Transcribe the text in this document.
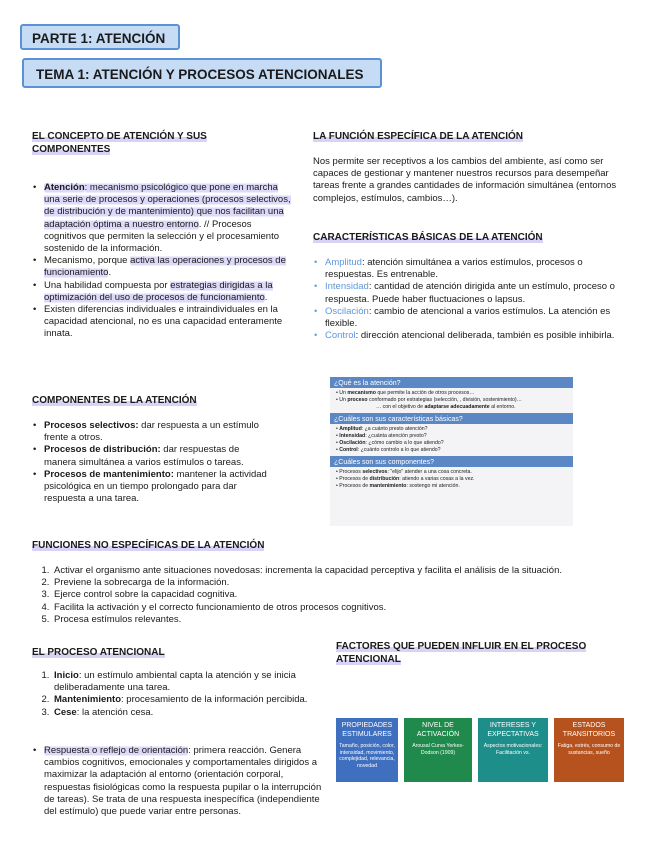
PARTE 1: ATENCIÓN
TEMA 1: ATENCIÓN Y PROCESOS ATENCIONALES
EL CONCEPTO DE ATENCIÓN Y SUS
COMPONENTES
• Atención: mecanismo psicológico que pone en marcha una serie de procesos y operaciones (procesos selectivos, de distribución y de mantenimiento) que nos facilitan una adaptación óptima a nuestro entorno. // Procesos cognitivos que permiten la selección y el procesamiento sostenido de la información.
• Mecanismo, porque activa las operaciones y procesos de funcionamiento.
• Una habilidad compuesta por estrategias dirigidas a la optimización del uso de procesos de funcionamiento.
• Existen diferencias individuales e intraindividuales en la capacidad atencional, no es una capacidad enteramente innata.
LA FUNCIÓN ESPECÍFICA DE LA ATENCIÓN
Nos permite ser receptivos a los cambios del ambiente, así como ser capaces de gestionar y mantener nuestros recursos para desempeñar tareas frente a grandes cantidades de información simultánea (entornos complejos, estímulos, cambios…).
CARACTERÍSTICAS BÁSICAS DE LA ATENCIÓN
• Amplitud: atención simultánea a varios estímulos, procesos o respuestas. Es entrenable.
• Intensidad: cantidad de atención dirigida ante un estímulo, proceso o respuesta. Puede haber fluctuaciones o lapsus.
• Oscilación: cambio de atencional a varios estímulos. La atención es flexible.
• Control: dirección atencional deliberada, también es posible inhibirla.
COMPONENTES DE LA ATENCIÓN
• Procesos selectivos: dar respuesta a un estímulo frente a otros.
• Procesos de distribución: dar respuestas de manera simultánea a varios estímulos o tareas.
• Procesos de mantenimiento: mantener la actividad psicológica en un tiempo prolongado para dar respuesta a una tarea.
¿Qué es la atención?
• Un mecanismo que permite la acción de otros procesos…
• Un proceso conformado por estrategias (selección, , división, sostenimiento)…
… con el objetivo de adaptarse adecuadamente al entorno.
¿Cuáles son sus características básicas?
• Amplitud: ¿a cuánto presto atención?
• Intensidad: ¿cuánta atención presto?
• Oscilación: ¿cómo cambio a lo que atiendo?
• Control: ¿cuánto controlo a lo que atiendo?
¿Cuáles son sus componentes?
• Procesos selectivos: "elijo" atender a una cosa concreta.
• Procesos de distribución: atiendo a varias cosas a la vez.
• Procesos de mantenimiento: sostengo mi atención.
FUNCIONES NO ESPECÍFICAS DE LA ATENCIÓN
1. Activar el organismo ante situaciones novedosas: incrementa la capacidad perceptiva y facilita el análisis de la situación.
2. Previene la sobrecarga de la información.
3. Ejerce control sobre la capacidad cognitiva.
4. Facilita la activación y el correcto funcionamiento de otros procesos cognitivos.
5. Procesa estímulos relevantes.
EL PROCESO ATENCIONAL
1. Inicio: un estímulo ambiental capta la atención y se inicia deliberadamente una tarea.
2. Mantenimiento: procesamiento de la información percibida.
3. Cese: la atención cesa.
• Respuesta o reflejo de orientación: primera reacción. Genera cambios cognitivos, emocionales y comportamentales dirigidos a maximizar la adaptación al entorno (orientación corporal, respuestas fisiológicas como la respuesta pupilar o la interrupción de tareas). Se trata de una respuesta inespecífica (independiente del estímulo) que puede variar entre personas.
FACTORES QUE PUEDEN INFLUIR EN EL PROCESO
ATENCIONAL
PROPIEDADES ESTIMULARES
Tamaño, posición, color, intensidad, movimiento, complejidad, relevancia, novedad
NIVEL DE ACTIVACIÓN
Arousal Curva Yerkes-Dodson (1909)
INTERESES Y EXPECTATIVAS
Aspectos motivacionales: Facilitación vs.
ESTADOS TRANSITORIOS
Fatiga, estrés, consumo de sustancias, sueño
